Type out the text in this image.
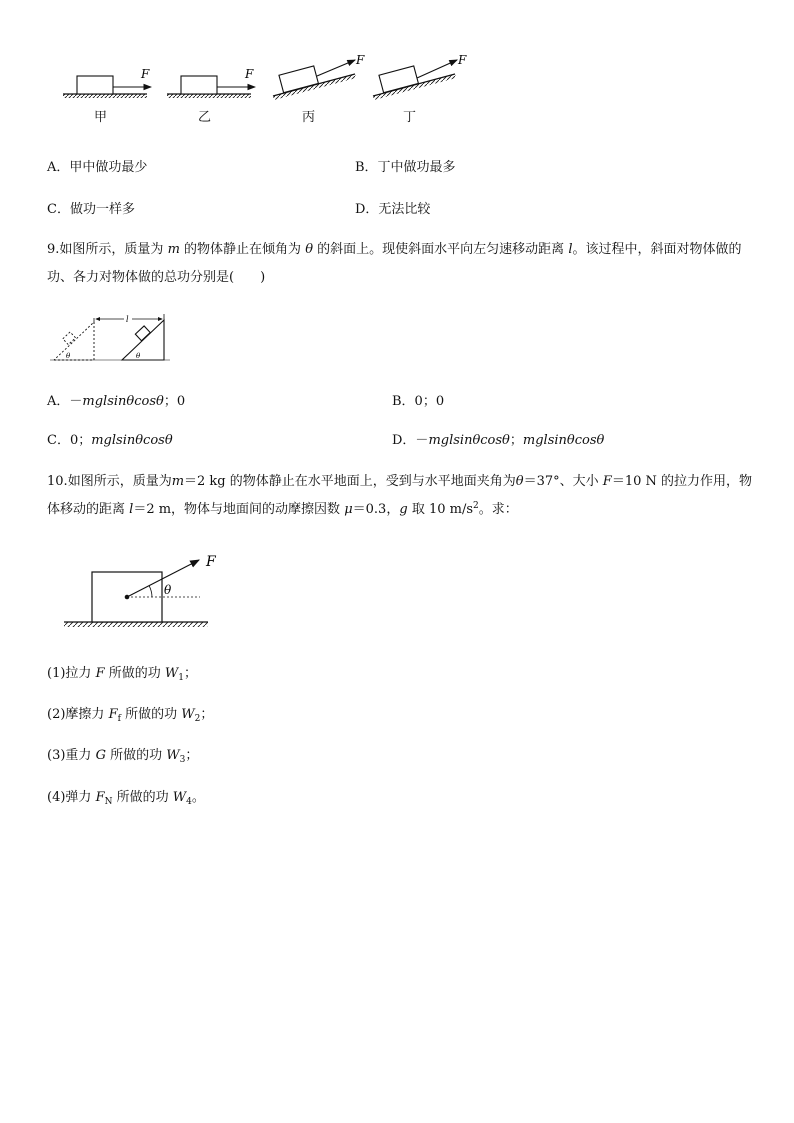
F	F
F	F
甲	乙	丙	丁
A．甲中做功最少	B．丁中做功最多
C．做功一样多	D．无法比较
9.如图所示，质量为 m 的物体静止在倾角为 θ 的斜面上。现使斜面水平向左匀速移动距离 l。该过程中，斜面对物体做的功、各力对物体做的总功分别是(　　)
θ	θ
l
A．－mglsinθcosθ；0	B．0；0
C．0；mglsinθcosθ	D．－mglsinθcosθ；mglsinθcosθ
10.如图所示，质量为m＝2 kg 的物体静止在水平地面上，受到与水平地面夹角为θ＝37°、大小 F＝10 N 的拉力作用，物体移动的距离 l＝2 m，物体与地面间的动摩擦因数 μ＝0.3，g 取 10 $m/s^2$。求：
θ
F
(1)拉力 F 所做的功 $W_1$；
(2)摩擦力 $F_f$ 所做的功 $W_2$；
(3)重力 G 所做的功 $W_3$；
(4)弹力 $F_N$ 所做的功 $W_4$。
